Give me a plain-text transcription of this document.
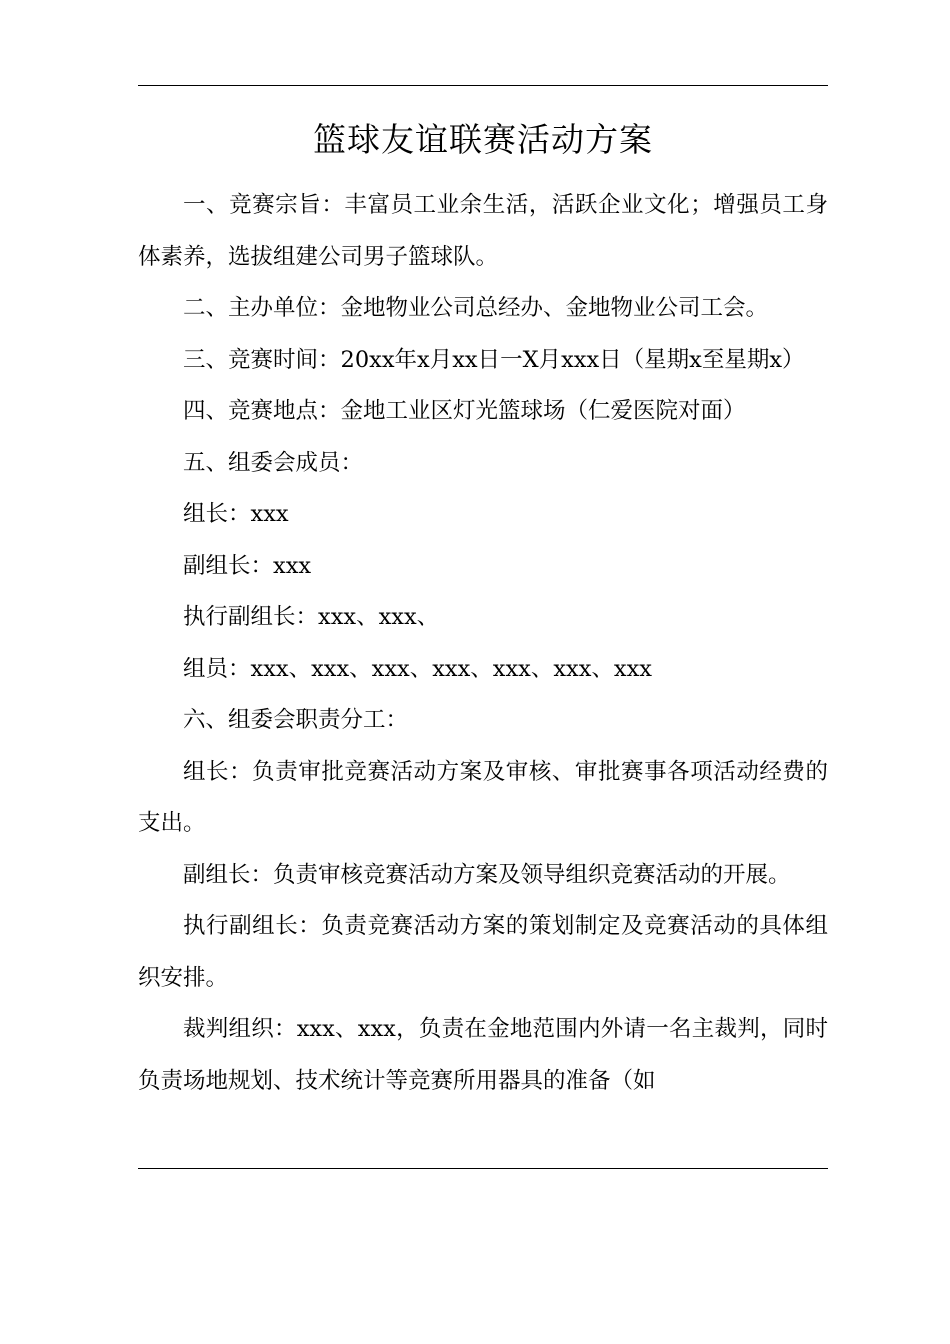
篮球友谊联赛活动方案

一、竞赛宗旨：丰富员工业余生活，活跃企业文化；增强员工身体素养，选拔组建公司男子篮球队。

二、主办单位：金地物业公司总经办、金地物业公司工会。

三、竞赛时间：20xx年x月xx日一X月xxx日（星期x至星期x）

四、竞赛地点：金地工业区灯光篮球场（仁爱医院对面）

五、组委会成员：

组长：xxx

副组长：xxx

执行副组长：xxx、xxx、

组员：xxx、xxx、xxx、xxx、xxx、xxx、xxx

六、组委会职责分工：

组长：负责审批竞赛活动方案及审核、审批赛事各项活动经费的支出。

副组长：负责审核竞赛活动方案及领导组织竞赛活动的开展。

执行副组长：负责竞赛活动方案的策划制定及竞赛活动的具体组织安排。

裁判组织：xxx、xxx，负责在金地范围内外请一名主裁判，同时负责场地规划、技术统计等竞赛所用器具的准备（如
